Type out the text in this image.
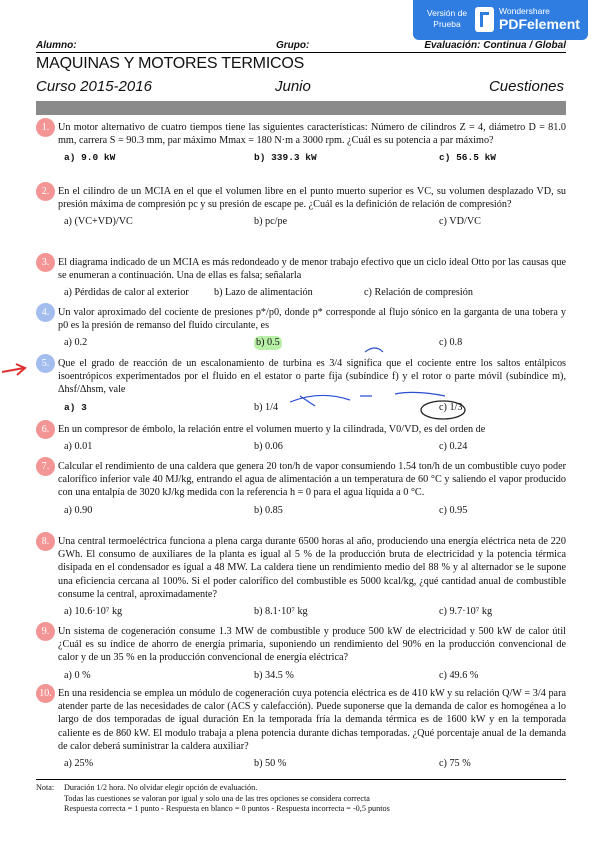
Versión de Prueba
Wondershare
PDFelement
Alumno:	Grupo:	Evaluación: Continua / Global
MAQUINAS Y MOTORES TERMICOS
Curso 2015-2016	Junio	Cuestiones
1. Un motor alternativo de cuatro tiempos tiene las siguientes características: Número de cilindros Z = 4, diámetro D = 81.0 mm, carrera S = 90.3 mm, par máximo Mmax = 180 N·m a 3000 rpm. ¿Cuál es su potencia a par máximo?
a) 9.0 kW	b) 339.3 kW	c) 56.5 kW
2. En el cilindro de un MCIA en el que el volumen libre en el punto muerto superior es VC, su volumen desplazado VD, su presión máxima de compresión pc y su presión de escape pe. ¿Cuál es la definición de relación de compresión?
a) (VC+VD)/VC	b) pc/pe	c) VD/VC
3. El diagrama indicado de un MCIA es más redondeado y de menor trabajo efectivo que un ciclo ideal Otto por las causas que se enumeran a continuación. Una de ellas es falsa; señalarla
a) Pérdidas de calor al exterior b) Lazo de alimentación	c) Relación de compresión
4. Un valor aproximado del cociente de presiones p*/p0, donde p* corresponde al flujo sónico en la garganta de una tobera y p0 es la presión de remanso del fluido circulante, es
a) 0.2	b) 0.5	c) 0.8
5. Que el grado de reacción de un escalonamiento de turbina es 3/4 significa que el cociente entre los saltos entálpicos isoentrópicos experimentados por el fluido en el estator o parte fija (subíndice f) y el rotor o parte móvil (subíndice m), Δhsf/Δhsm, vale
a) 3	b) 1/4	c) 1/3
6. En un compresor de émbolo, la relación entre el volumen muerto y la cilindrada, V0/VD, es del orden de
a) 0.01	b) 0.06	c) 0.24
7. Calcular el rendimiento de una caldera que genera 20 ton/h de vapor consumiendo 1.54 ton/h de un combustible cuyo poder calorífico inferior vale 40 MJ/kg, entrando el agua de alimentación a un temperatura de 60 °C y saliendo el vapor producido con una entalpía de 3020 kJ/kg medida con la referencia h = 0 para el agua líquida a 0 °C.
a) 0.90	b) 0.85	c) 0.95
8. Una central termoeléctrica funciona a plena carga durante 6500 horas al año, produciendo una energía eléctrica neta de 220 GWh. El consumo de auxiliares de la planta es igual al 5 % de la producción bruta de electricidad y la potencia térmica disipada en el condensador es igual a 48 MW. La caldera tiene un rendimiento medio del 88 % y al alternador se le supone una eficiencia cercana al 100%. Si el poder calorífico del combustible es 5000 kcal/kg, ¿qué cantidad anual de combustible consume la central, aproximadamente?
a) 10.6·10⁷ kg	b) 8.1·10⁷ kg	c) 9.7·10⁷ kg
9. Un sistema de cogeneración consume 1.3 MW de combustible y produce 500 kW de electricidad y 500 kW de calor útil ¿Cuál es su índice de ahorro de energía primaria, suponiendo un rendimiento del 90% en la producción convencional de calor y de un 35 % en la producción convencional de energía eléctrica?
a) 0 %	b) 34.5 %	c) 49.6 %
10. En una residencia se emplea un módulo de cogeneración cuya potencia eléctrica es de 410 kW y su relación Q/W = 3/4 para atender parte de las necesidades de calor (ACS y calefacción). Puede suponerse que la demanda de calor es homogénea a lo largo de dos temporadas de igual duración En la temporada fría la demanda térmica es de 1600 kW y en la temporada caliente es de 860 kW. El modulo trabaja a plena potencia durante dichas temporadas. ¿Qué porcentaje anual de la demanda de calor deberá suministrar la caldera auxiliar?
a) 25%	b) 50 %	c) 75 %
Nota: Duración 1/2 hora. No olvidar elegir opción de evaluación.
Todas las cuestiones se valoran por igual y solo una de las tres opciones se considera correcta
Respuesta correcta = 1 punto - Respuesta en blanco = 0 puntos - Respuesta incorrecta = -0,5 puntos
